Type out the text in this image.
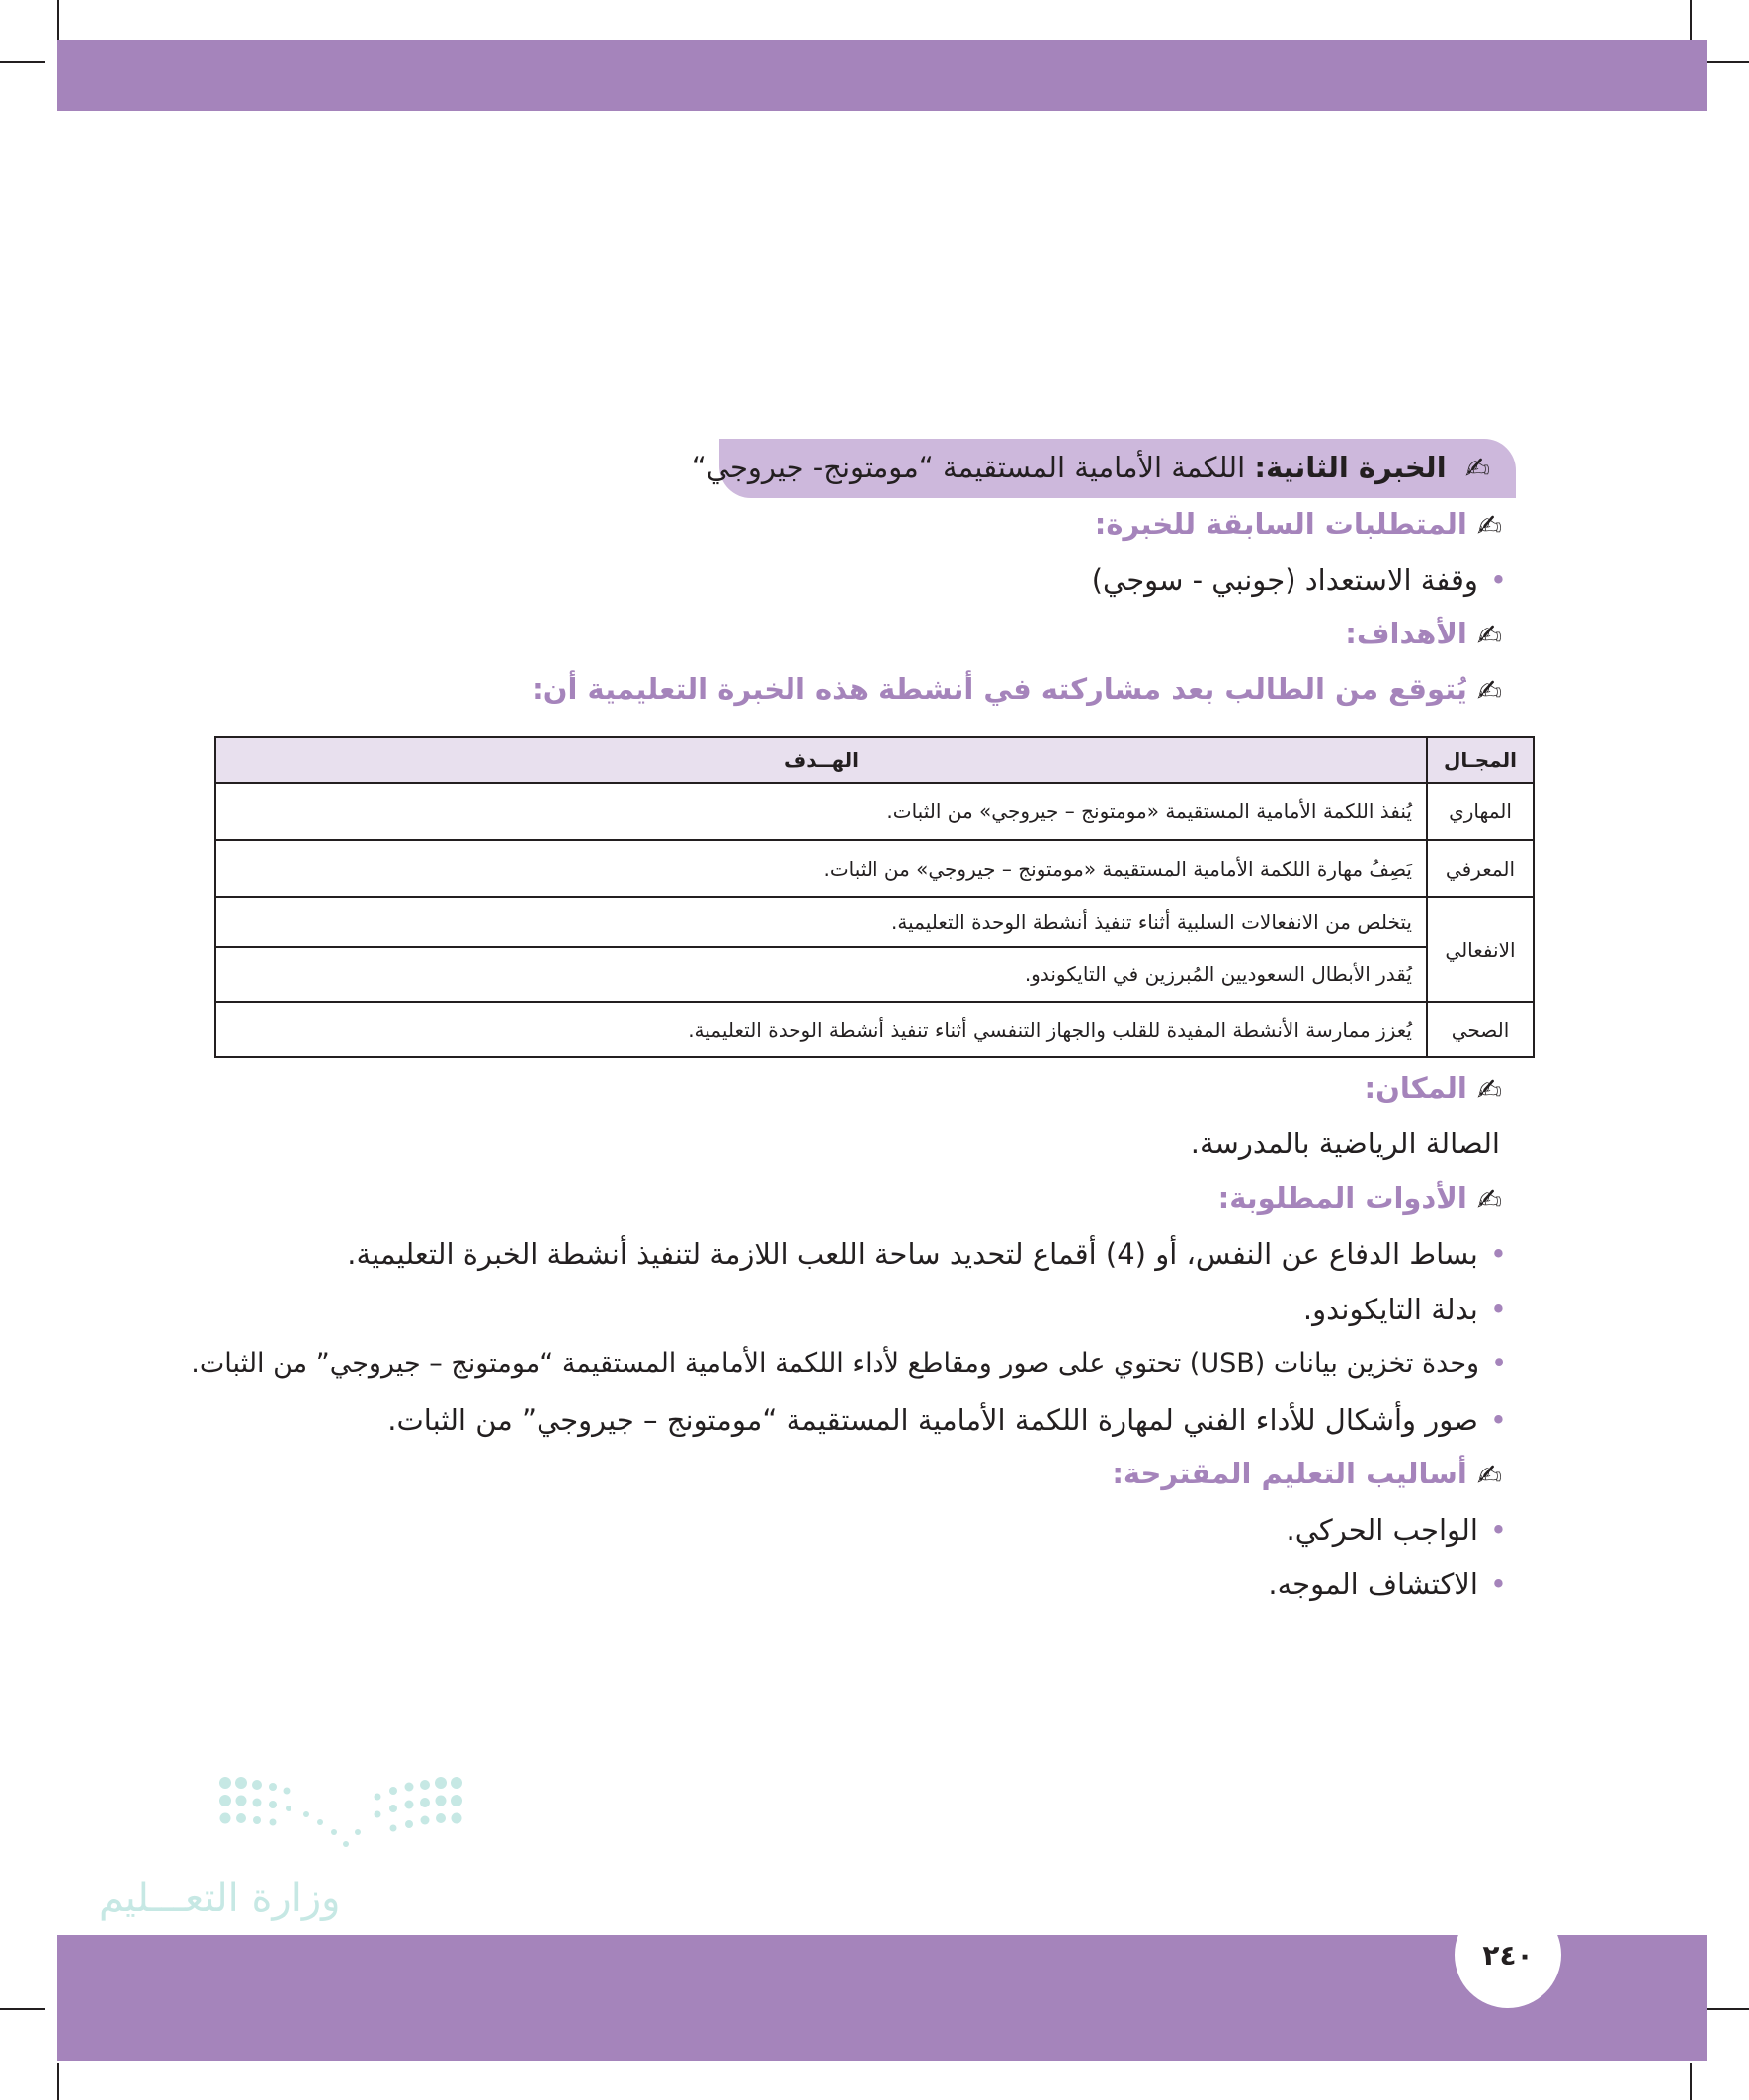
✍ الخبرة الثانية: اللكمة الأمامية المستقيمة “مومتونج- جيروجي“
✍المتطلبات السابقة للخبرة:
•وقفة الاستعداد (جونبي - سوجي)
✍الأهداف:
✍يُتوقع من الطالب بعد مشاركته في أنشطة هذه الخبرة التعليمية أن:
المجـال	الهــدف
المهاري	يُنفذ اللكمة الأمامية المستقيمة «مومتونج – جيروجي» من الثبات.
المعرفي	يَصِفُ مهارة اللكمة الأمامية المستقيمة «مومتونج – جيروجي» من الثبات.
الانفعالي	يتخلص من الانفعالات السلبية أثناء تنفيذ أنشطة الوحدة التعليمية.
	يُقدر الأبطال السعوديين المُبرزين في التايكوندو.
الصحي	يُعزز ممارسة الأنشطة المفيدة للقلب والجهاز التنفسي أثناء تنفيذ أنشطة الوحدة التعليمية.
✍المكان:
الصالة الرياضية بالمدرسة.
✍الأدوات المطلوبة:
•بساط الدفاع عن النفس، أو (4) أقماع لتحديد ساحة اللعب اللازمة لتنفيذ أنشطة الخبرة التعليمية.
•بدلة التايكوندو.
•وحدة تخزين بيانات (USB) تحتوي على صور ومقاطع لأداء اللكمة الأمامية المستقيمة “مومتونج – جيروجي” من الثبات.
•صور وأشكال للأداء الفني لمهارة اللكمة الأمامية المستقيمة “مومتونج – جيروجي” من الثبات.
✍أساليب التعليم المقترحة:
•الواجب الحركي.
•الاكتشاف الموجه.
وزارة التعـــليم
٢٤٠
